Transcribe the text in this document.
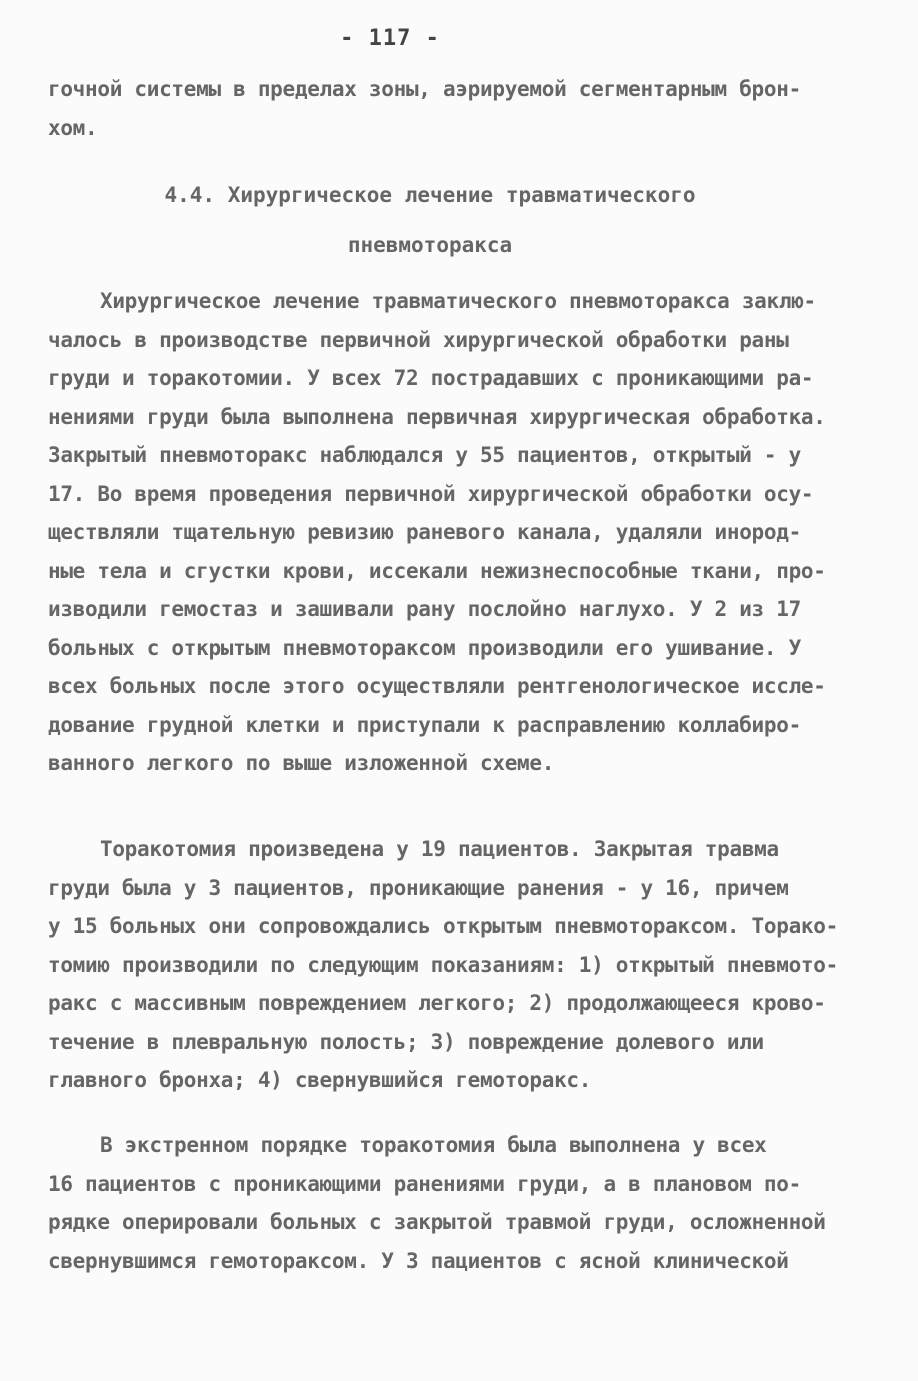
- 117 -
гочной системы в пределах зоны, аэрируемой сегментарным брон-
хом.
4.4. Хирургическое лечение травматического
пневмоторакса
Хирургическое лечение травматического пневмоторакса заклю-
чалось в производстве первичной хирургической обработки раны
груди и торакотомии. У всех 72 пострадавших с проникающими ра-
нениями груди была выполнена первичная хирургическая обработка.
Закрытый пневмоторакс наблюдался у 55 пациентов, открытый - у
17. Во время проведения первичной хирургической обработки осу-
ществляли тщательную ревизию раневого канала, удаляли инород-
ные тела и сгустки крови, иссекали нежизнеспособные ткани, про-
изводили гемостаз и зашивали рану послойно наглухо. У 2 из 17
больных с открытым пневмотораксом производили его ушивание. У
всех больных после этого осуществляли рентгенологическое иссле-
дование грудной клетки и приступали к расправлению коллабиро-
ванного легкого по выше изложенной схеме.
Торакотомия произведена у 19 пациентов. Закрытая травма
груди была у 3 пациентов, проникающие ранения - у 16, причем
у 15 больных они сопровождались открытым пневмотораксом. Торако-
томию производили по следующим показаниям: 1) открытый пневмото-
ракс с массивным повреждением легкого; 2) продолжающееся крово-
течение в плевральную полость; 3) повреждение долевого или
главного бронха; 4) свернувшийся гемоторакс.
В экстренном порядке торакотомия была выполнена у всех
16 пациентов с проникающими ранениями груди, а в плановом по-
рядке оперировали больных с закрытой травмой груди, осложненной
свернувшимся гемотораксом. У 3 пациентов с ясной клинической
